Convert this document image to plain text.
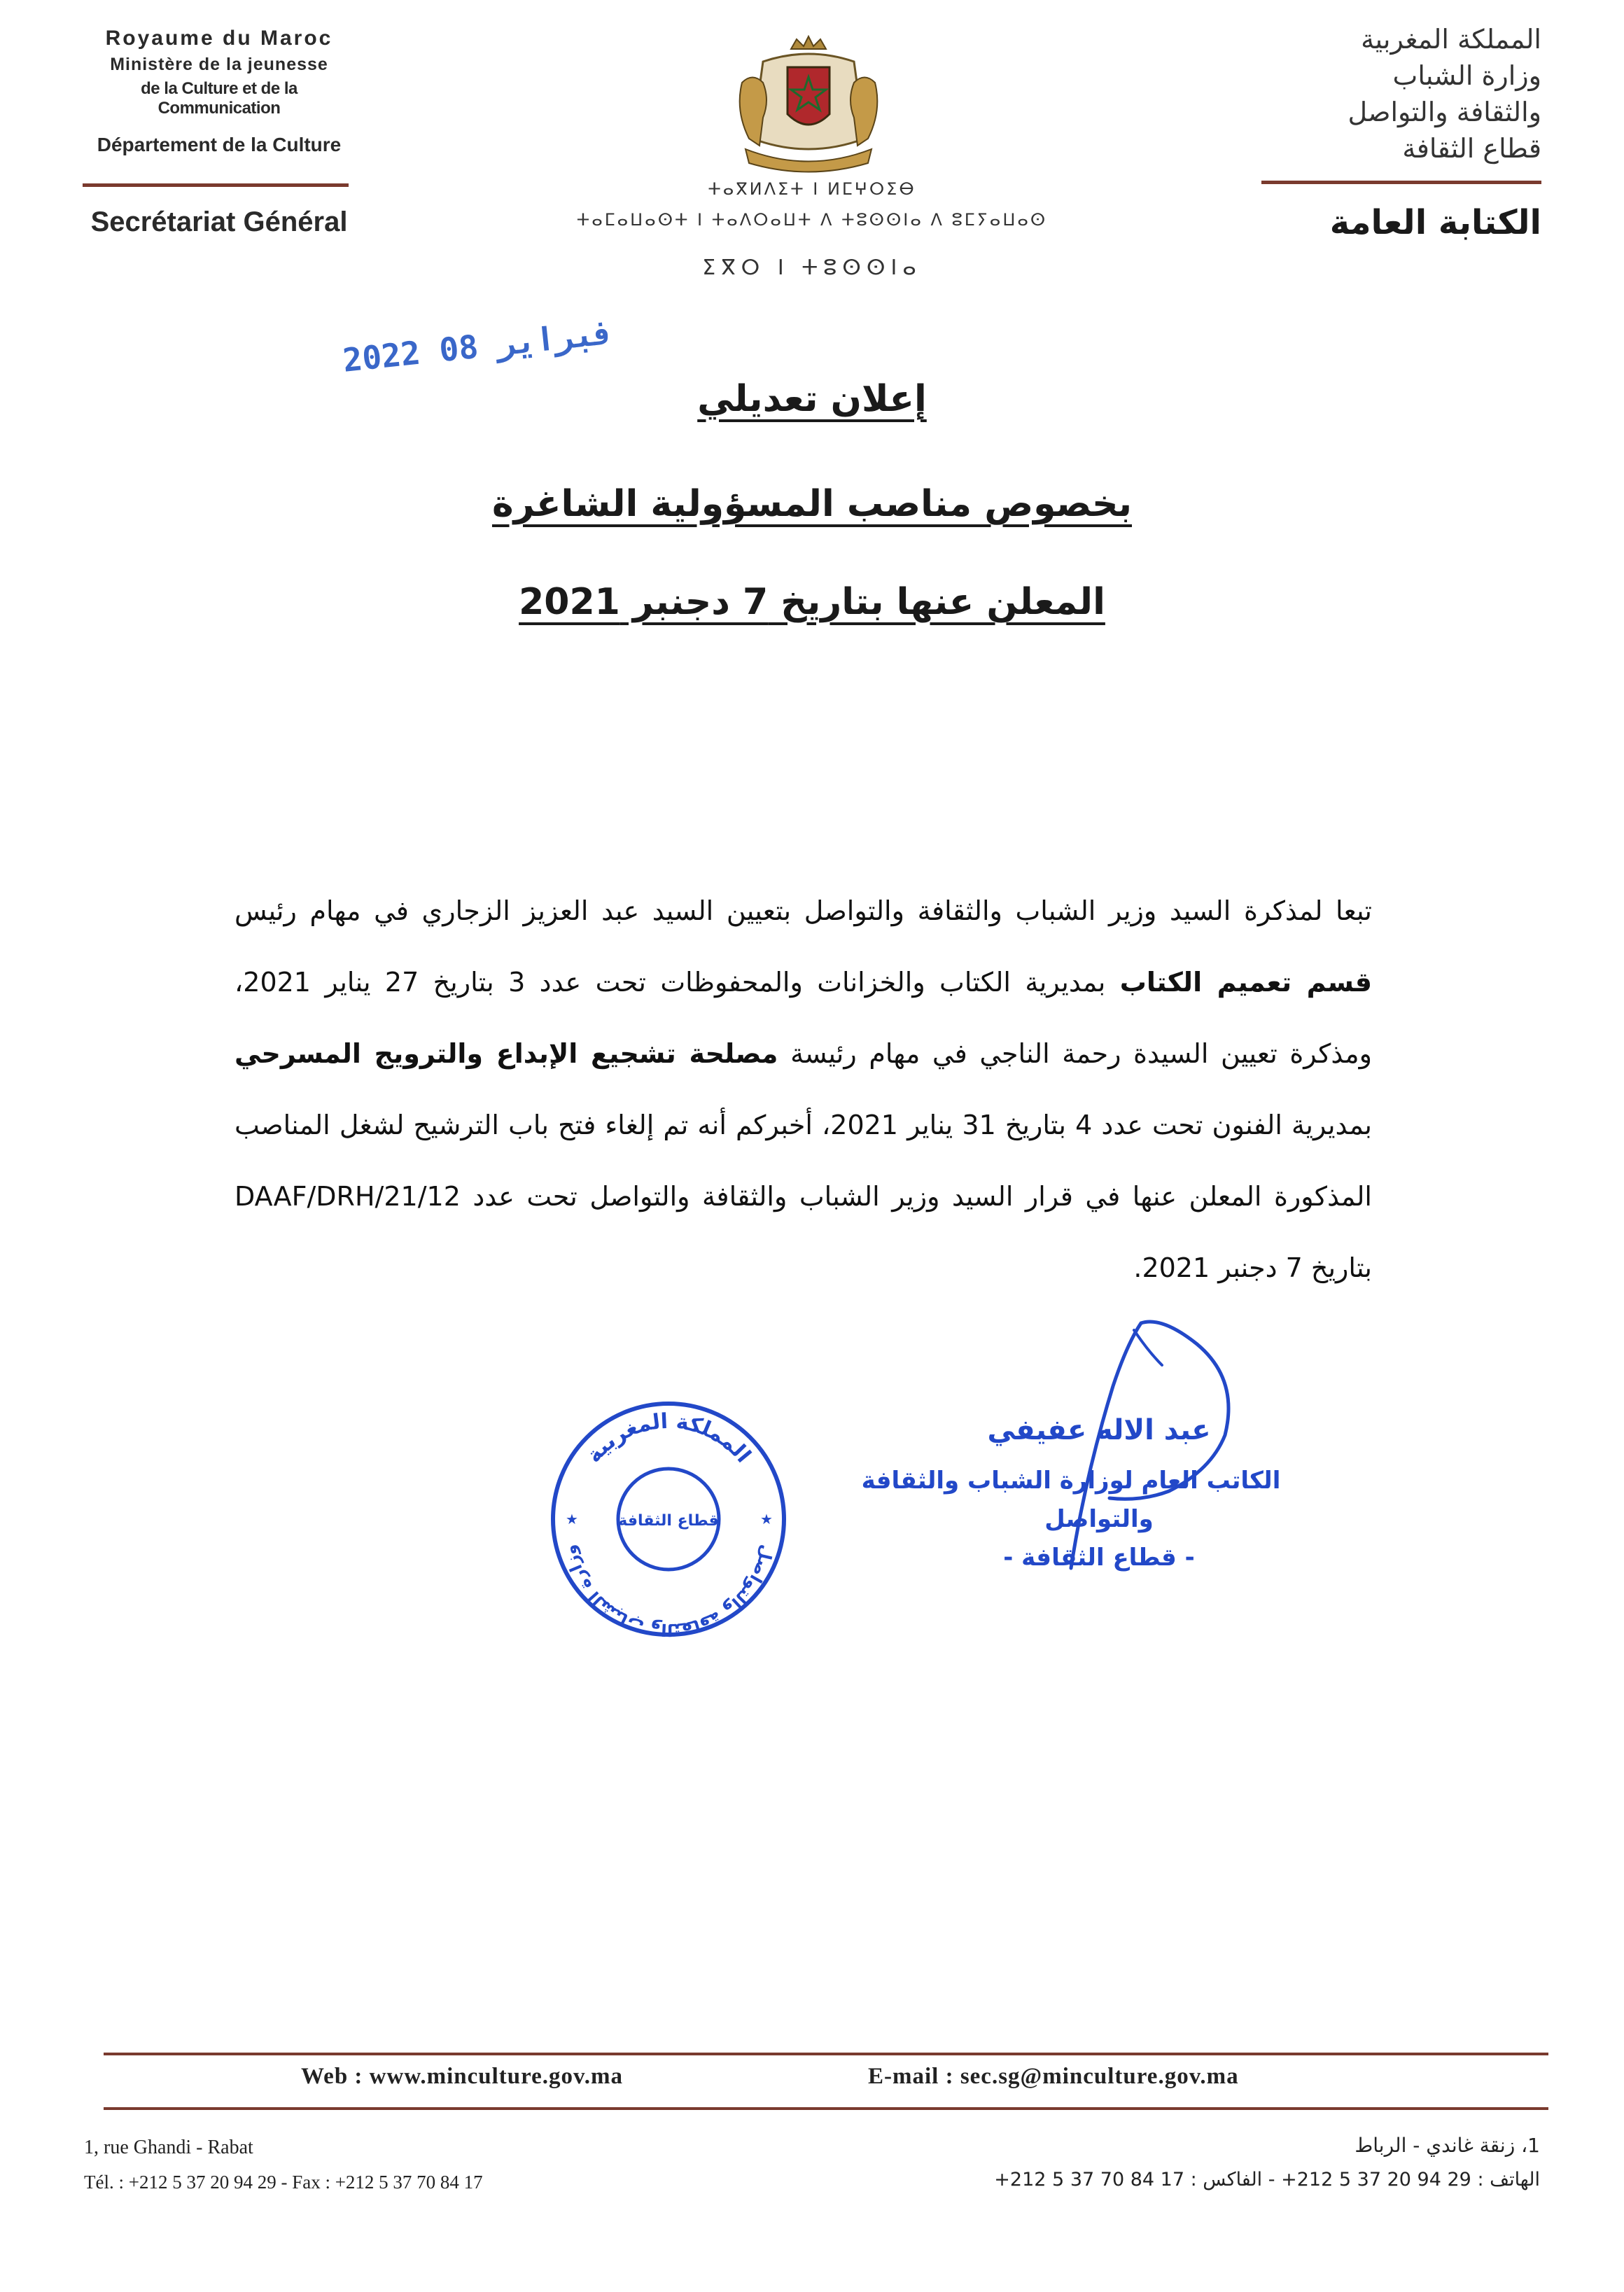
Royaume du Maroc
Ministère de la jeunesse
de la Culture et de la Communication
Département de la Culture
Secrétariat Général
المملكة المغربية
وزارة الشباب
والثقافة والتواصل
قطاع الثقافة
الكتابة العامة
ⵜⴰⴳⵍⴷⵉⵜ ⵏ ⵍⵎⵖⵔⵉⴱ
ⵜⴰⵎⴰⵡⴰⵙⵜ ⵏ ⵜⴰⴷⵔⴰⵡⵜ ⴷ ⵜⵓⵙⵙⵏⴰ ⴷ ⵓⵎⵢⴰⵡⴰⵙ
ⵉⴳⵔ ⵏ ⵜⵓⵙⵙⵏⴰ
2022 فبراير 08
إعلان تعديلي
بخصوص مناصب المسؤولية الشاغرة
المعلن عنها بتاريخ 7 دجنبر 2021
تبعا لمذكرة السيد وزير الشباب والثقافة والتواصل بتعيين السيد عبد العزيز الزجاري في مهام رئيس قسم تعميم الكتاب بمديرية الكتاب والخزانات والمحفوظات تحت عدد 3 بتاريخ 27 يناير 2021، ومذكرة تعيين السيدة رحمة الناجي في مهام رئيسة مصلحة تشجيع الإبداع والترويج المسرحي بمديرية الفنون تحت عدد 4 بتاريخ 31 يناير 2021، أخبركم أنه تم إلغاء فتح باب الترشيح لشغل المناصب المذكورة المعلن عنها في قرار السيد وزير الشباب والثقافة والتواصل تحت عدد 12/DAAF/DRH/21 بتاريخ 7 دجنبر 2021.
المملكة المغربية
وزارة الشباب والثقافة والتواصل
قطاع الثقافة
★	★
عبد الاله عفيفي
الكاتب العام لوزارة الشباب والثقافة
والتواصل
- قطاع الثقافة -
Web : www.minculture.gov.ma	E-mail : sec.sg@minculture.gov.ma
1, rue Ghandi - Rabat
Tél. : +212 5 37 20 94 29 - Fax : +212 5 37 70 84 17
1، زنقة غاندي - الرباط
الهاتف : 29 94 20 37 5 212+ - الفاكس : 17 84 70 37 5 212+
